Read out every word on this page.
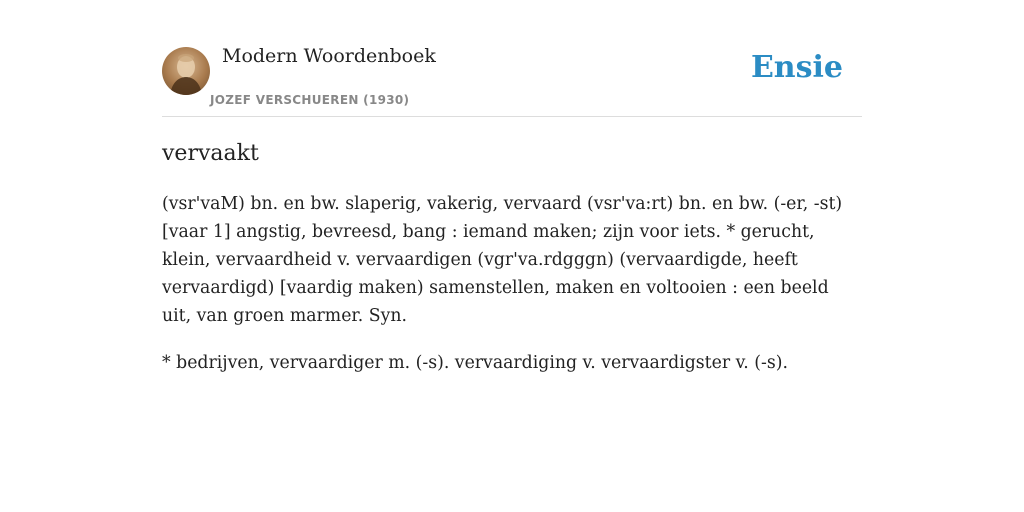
Modern Woordenboek
JOZEF VERSCHUEREN (1930)
Ensie
vervaakt

(vsr'vaM) bn. en bw. slaperig, vakerig, vervaard (vsr'va:rt) bn. en bw. (-er, -st) [vaar 1] angstig, bevreesd, bang : iemand maken; zijn voor iets. * gerucht, klein, vervaardheid v. vervaardigen (vgr'va.rdgggn) (vervaardigde, heeft vervaardigd) [vaardig maken) samenstellen, maken en voltooien : een beeld uit, van groen marmer. Syn.

* bedrijven, vervaardiger m. (-s). vervaardiging v. vervaardigster v. (-s).
